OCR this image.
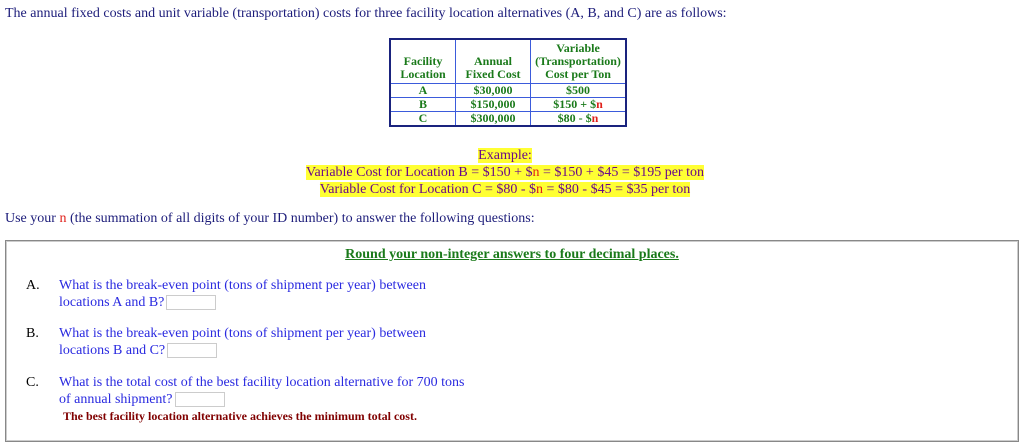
The annual fixed costs and unit variable (transportation) costs for three facility location alternatives (A, B, and C) are as follows:
Facility Location	Annual Fixed Cost	Variable (Transportation) Cost per Ton
A	$30,000	$500
B	$150,000	$150 + $n
C	$300,000	$80 - $n
Example:
Variable Cost for Location B = $150 + $n = $150 + $45 = $195 per ton
Variable Cost for Location C = $80 - $n = $80 - $45 = $35 per ton
Use your n (the summation of all digits of your ID number) to answer the following questions:
Round your non-integer answers to four decimal places.
A. What is the break-even point (tons of shipment per year) between
locations A and B?
B. What is the break-even point (tons of shipment per year) between
locations B and C?
C. What is the total cost of the best facility location alternative for 700 tons
of annual shipment?
The best facility location alternative achieves the minimum total cost.
